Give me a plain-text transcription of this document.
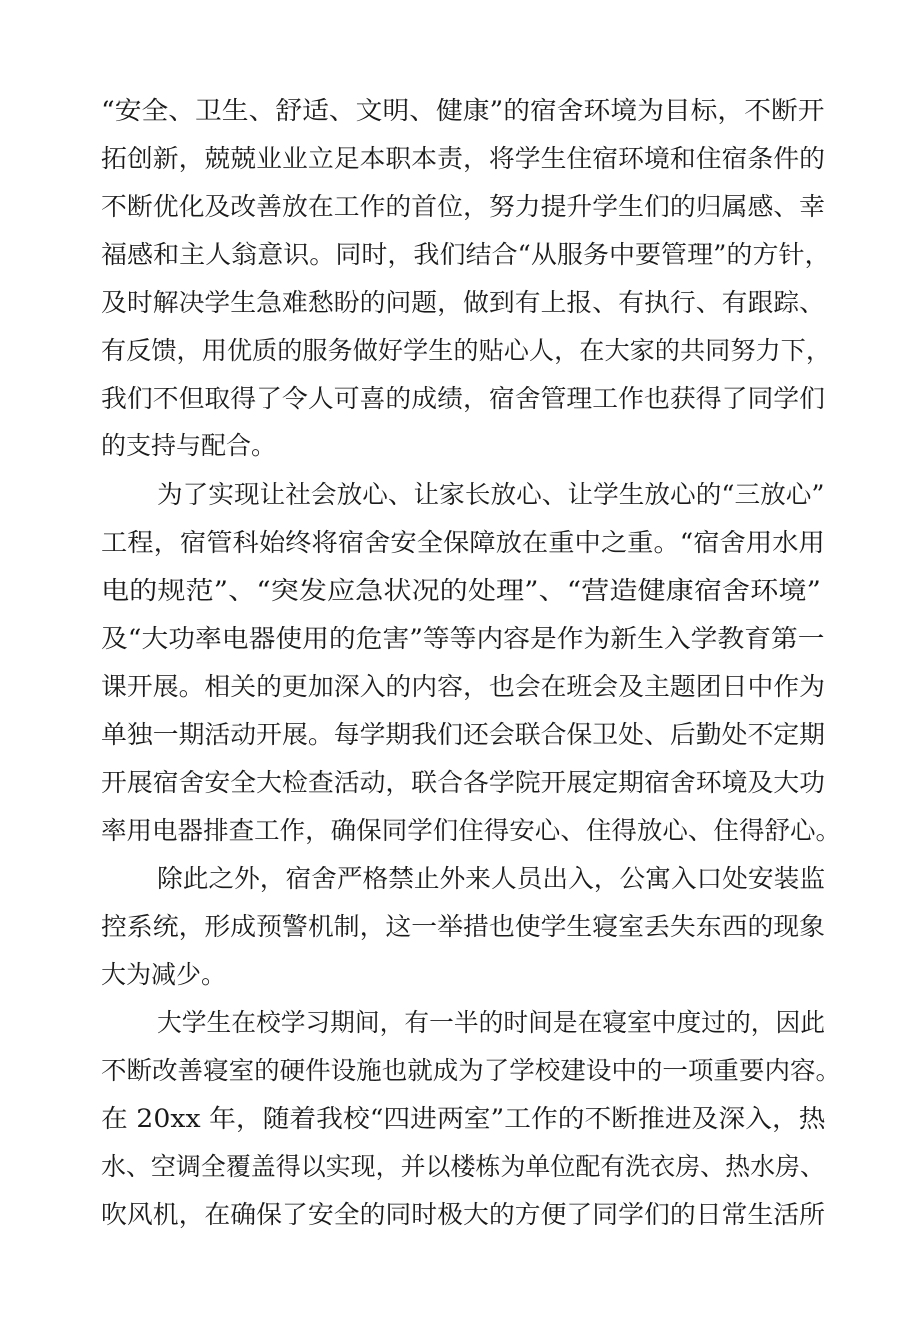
“安全、卫生、舒适、文明、健康”的宿舍环境为目标，不断开
拓创新，兢兢业业立足本职本责，将学生住宿环境和住宿条件的
不断优化及改善放在工作的首位，努力提升学生们的归属感、幸
福感和主人翁意识。同时，我们结合“从服务中要管理”的方针，
及时解决学生急难愁盼的问题，做到有上报、有执行、有跟踪、
有反馈，用优质的服务做好学生的贴心人，在大家的共同努力下，
我们不但取得了令人可喜的成绩，宿舍管理工作也获得了同学们
的支持与配合。
为了实现让社会放心、让家长放心、让学生放心的“三放心”
工程，宿管科始终将宿舍安全保障放在重中之重。“宿舍用水用
电的规范”、“突发应急状况的处理”、“营造健康宿舍环境”
及“大功率电器使用的危害”等等内容是作为新生入学教育第一
课开展。相关的更加深入的内容，也会在班会及主题团日中作为
单独一期活动开展。每学期我们还会联合保卫处、后勤处不定期
开展宿舍安全大检查活动，联合各学院开展定期宿舍环境及大功
率用电器排查工作，确保同学们住得安心、住得放心、住得舒心。
除此之外，宿舍严格禁止外来人员出入，公寓入口处安装监
控系统，形成预警机制，这一举措也使学生寝室丢失东西的现象
大为减少。
大学生在校学习期间，有一半的时间是在寝室中度过的，因此
不断改善寝室的硬件设施也就成为了学校建设中的一项重要内容。
在 20xx 年，随着我校“四进两室”工作的不断推进及深入，热
水、空调全覆盖得以实现，并以楼栋为单位配有洗衣房、热水房、
吹风机，在确保了安全的同时极大的方便了同学们的日常生活所
